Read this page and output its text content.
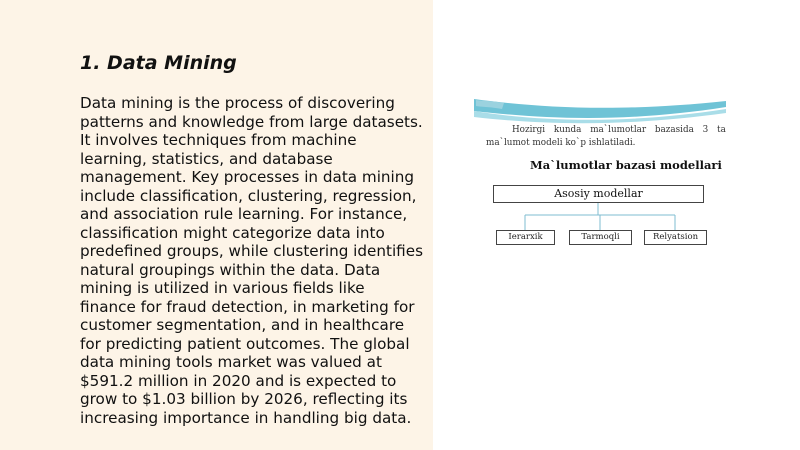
1. Data Mining

Data mining is the process of discovering patterns and knowledge from large datasets. It involves techniques from machine learning, statistics, and database management. Key processes in data mining include classification, clustering, regression, and association rule learning. For instance, classification might categorize data into predefined groups, while clustering identifies natural groupings within the data. Data mining is utilized in various fields like finance for fraud detection, in marketing for customer segmentation, and in healthcare for predicting patient outcomes. The global data mining tools market was valued at $591.2 million in 2020 and is expected to grow to $1.03 billion by 2026, reflecting its increasing importance in handling big data.

Hozirgi kunda ma`lumotlar bazasida 3 ta
ma`lumot modeli ko`p ishlatiladi.
Ma`lumotlar bazasi modellari
Asosiy modellar
Ierarxik	Tarmoqli	Relyatsion
